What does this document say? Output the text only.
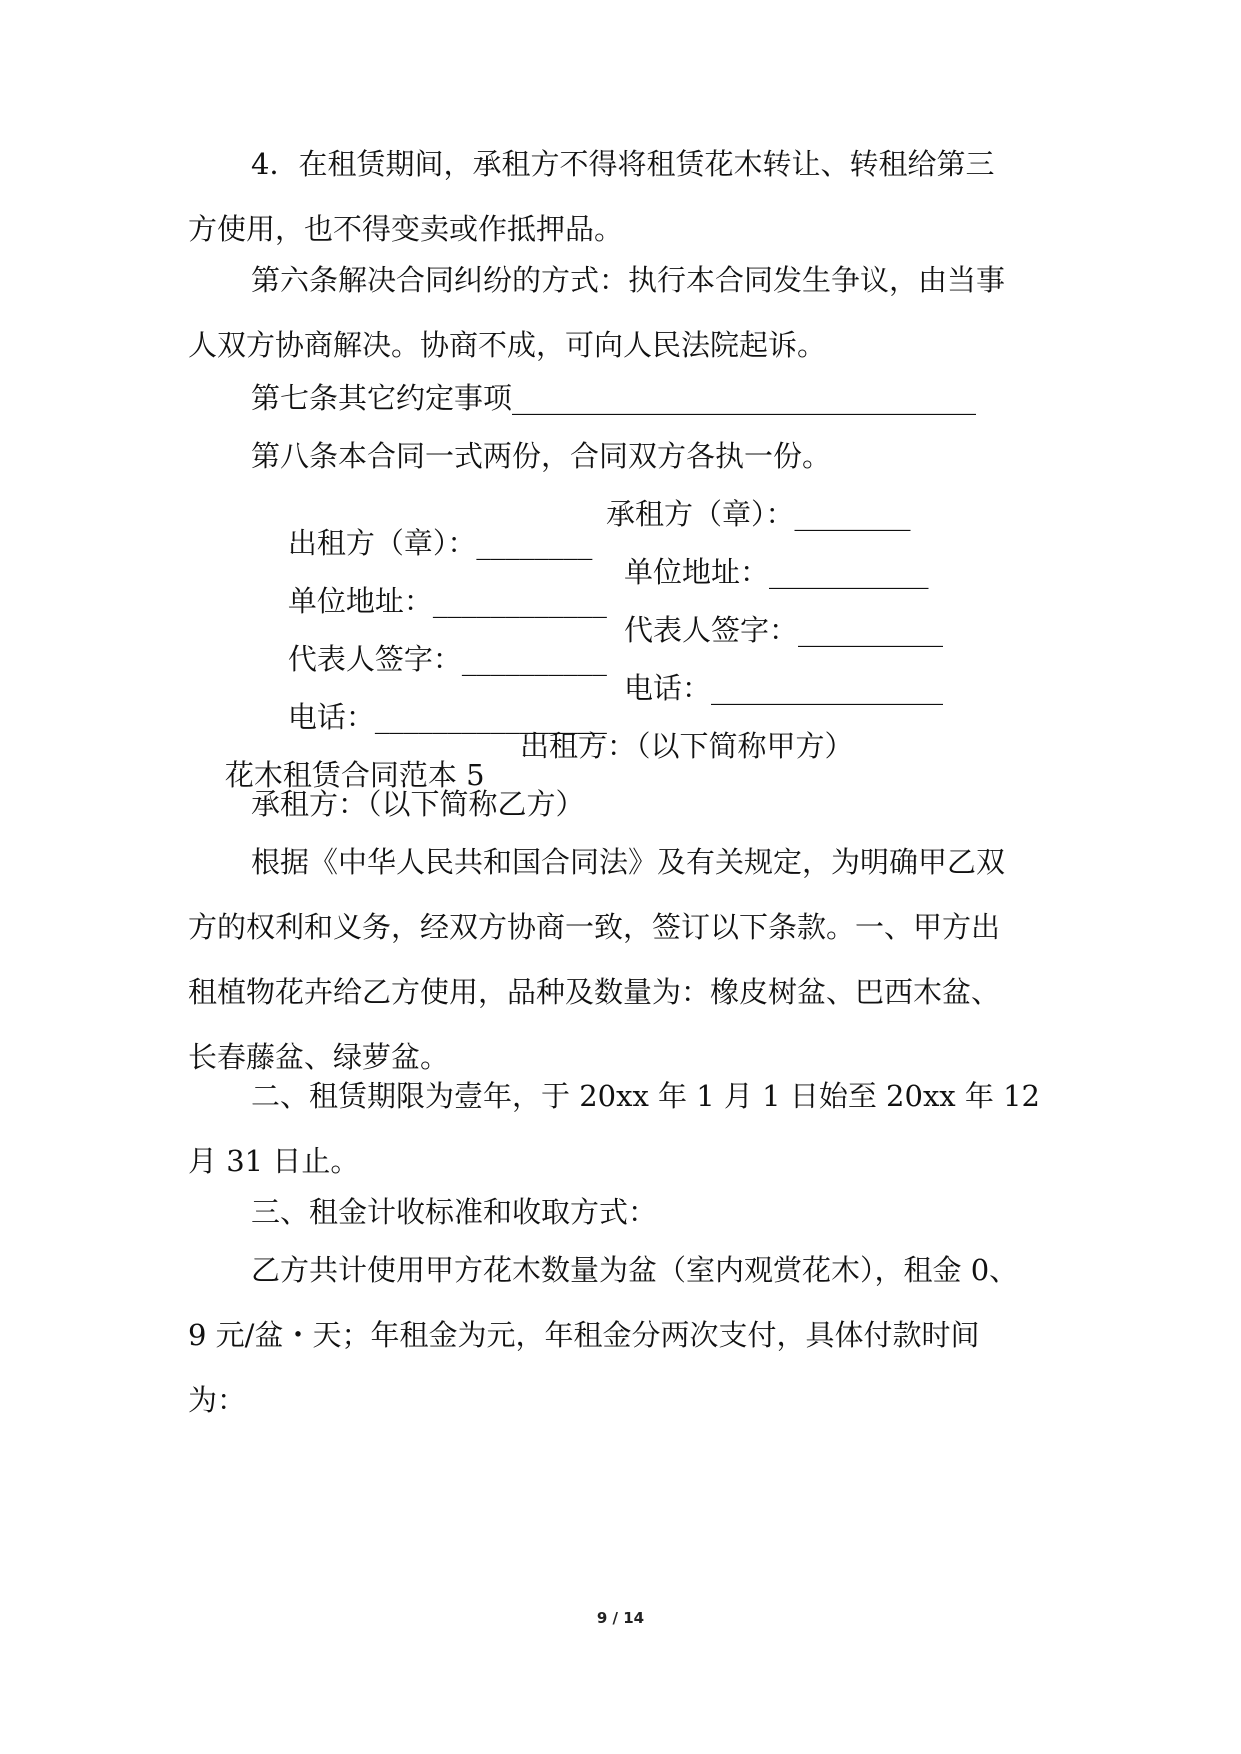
4．在租赁期间，承租方不得将租赁花木转让、转租给第三
方使用，也不得变卖或作抵押品。
第六条解决合同纠纷的方式：执行本合同发生争议，由当事
人双方协商解决。协商不成，可向人民法院起诉。
第七条其它约定事项________________________________
第八条本合同一式两份，合同双方各执一份。

出租方（章）：________

承租方（章）：________

单位地址：____________

单位地址：___________

代表人签字：__________

代表人签字：__________

电话：________________

电话：________________

花木租赁合同范本 5

出租方：（以下简称甲方）

承租方：（以下简称乙方）
根据《中华人民共和国合同法》及有关规定，为明确甲乙双
方的权利和义务，经双方协商一致，签订以下条款。一、甲方出
租植物花卉给乙方使用，品种及数量为：橡皮树盆、巴西木盆、
长春藤盆、绿萝盆。
二、租赁期限为壹年，于 20xx 年 1 月 1 日始至 20xx 年 12
月 31 日止。
三、租金计收标准和收取方式：
乙方共计使用甲方花木数量为盆（室内观赏花木），租金 0、
9 元/盆・天；年租金为元，年租金分两次支付，具体付款时间
为：
9 / 14
